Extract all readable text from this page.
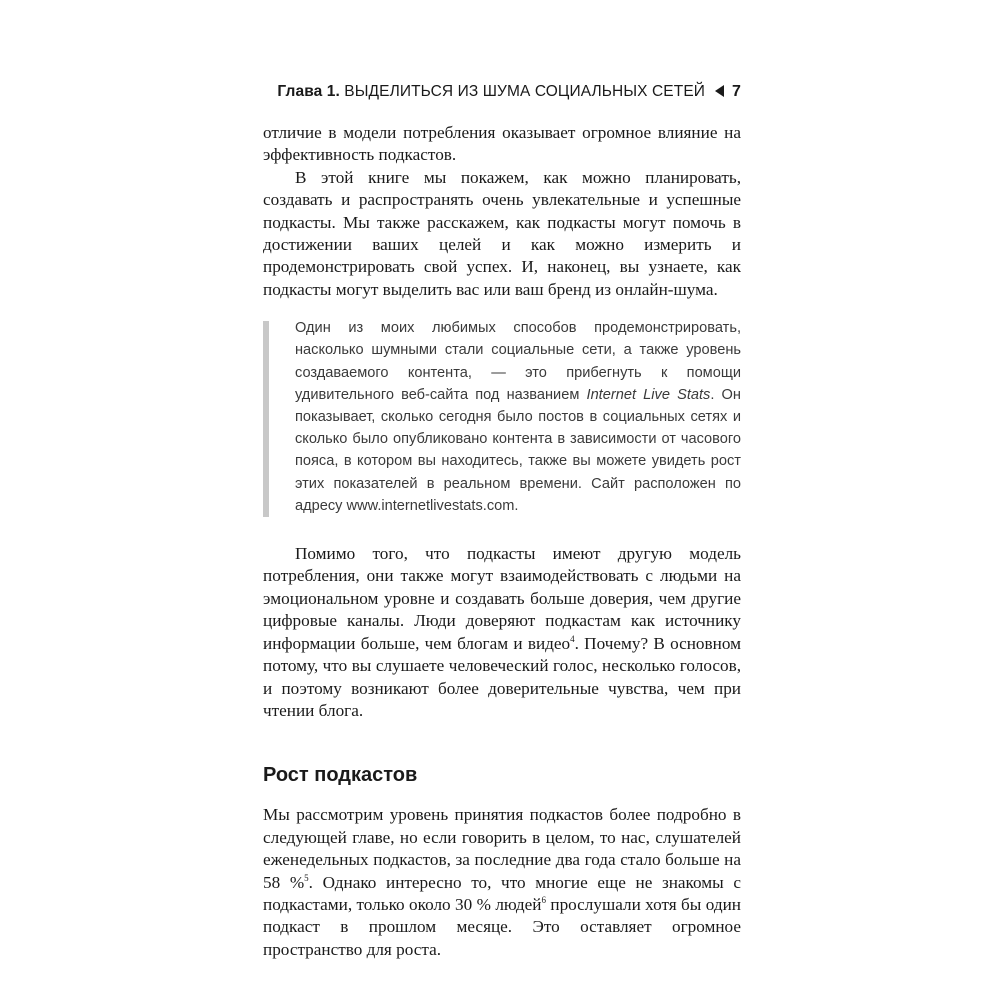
Глава 1. ВЫДЕЛИТЬСЯ ИЗ ШУМА СОЦИАЛЬНЫХ СЕТЕЙ 7

отличие в модели потребления оказывает огромное влияние на эффективность подкастов.

В этой книге мы покажем, как можно планировать, создавать и распространять очень увлекательные и успешные подкасты. Мы также расскажем, как подкасты могут помочь в достижении ваших целей и как можно измерить и продемонстрировать свой успех. И, наконец, вы узнаете, как подкасты могут выделить вас или ваш бренд из онлайн-шума.

Один из моих любимых способов продемонстрировать, насколько шумными стали социальные сети, а также уровень создаваемого контента, — это прибегнуть к помощи удивительного веб-сайта под названием Internet Live Stats. Он показывает, сколько сегодня было постов в социальных сетях и сколько было опубликовано контента в зависимости от часового пояса, в котором вы находитесь, также вы можете увидеть рост этих показателей в реальном времени. Сайт расположен по адресу www.internetlivestats.com.

Помимо того, что подкасты имеют другую модель потребления, они также могут взаимодействовать с людьми на эмоциональном уровне и создавать больше доверия, чем другие цифровые каналы. Люди доверяют подкастам как источнику информации больше, чем блогам и видео$^4$. Почему? В основном потому, что вы слушаете человеческий голос, несколько голосов, и поэтому возникают более доверительные чувства, чем при чтении блога.

Рост подкастов

Мы рассмотрим уровень принятия подкастов более подробно в следующей главе, но если говорить в целом, то нас, слушателей еженедельных подкастов, за последние два года стало больше на 58 %$^5$. Однако интересно то, что многие еще не знакомы с подкастами, только около 30 % людей$^6$ прослушали хотя бы один подкаст в прошлом месяце. Это оставляет огромное пространство для роста.
